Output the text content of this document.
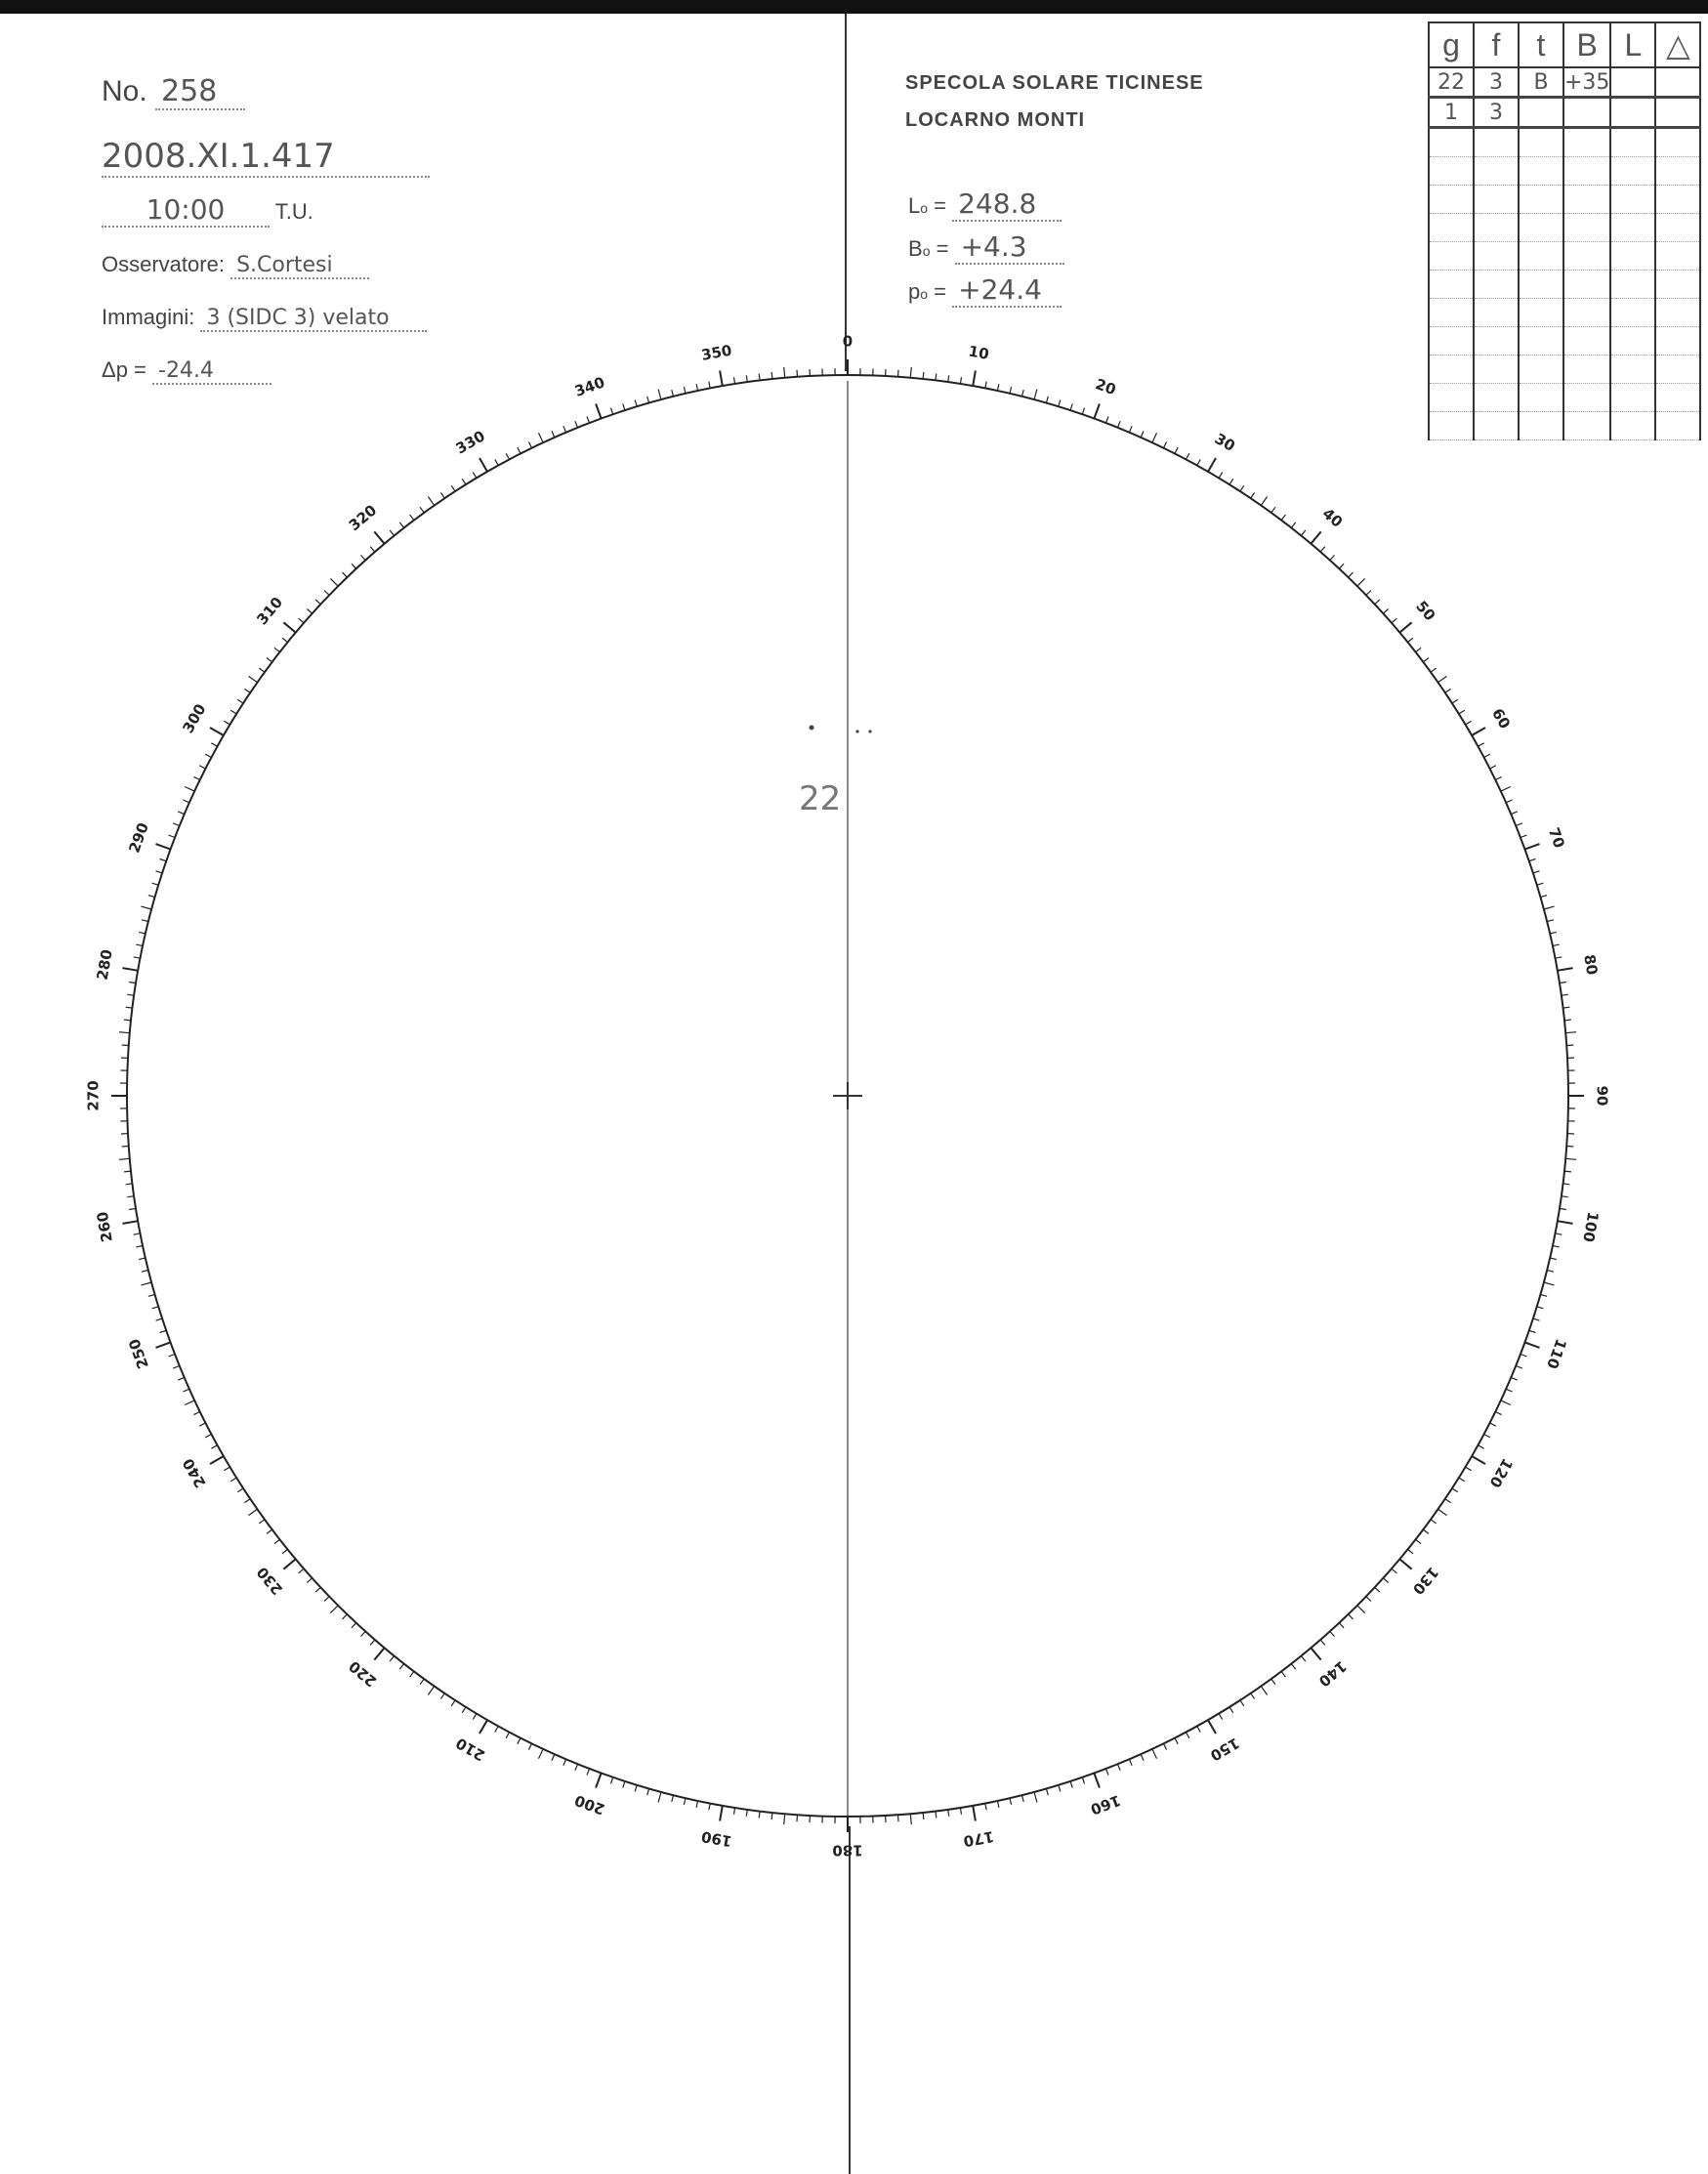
No. 258
2008.XI.1.417
10:00 T.U.
Osservatore: S.Cortesi
Immagini: 3 (SIDC 3) velato
Δp = -24.4
SPECOLA SOLARE TICINESE
LOCARNO MONTI
Lo = 248.8
Bo = +4.3
po = +24.4
g	f	t	B	L	△
22	3	B	+35		
1	3				

0
10
20
30
40
50
60
70
80
90
100
110
120
130
140
150
160
170
180
190
200
210
220
230
240
250
260
270
280
290
300
310
320
330
340
350
22
